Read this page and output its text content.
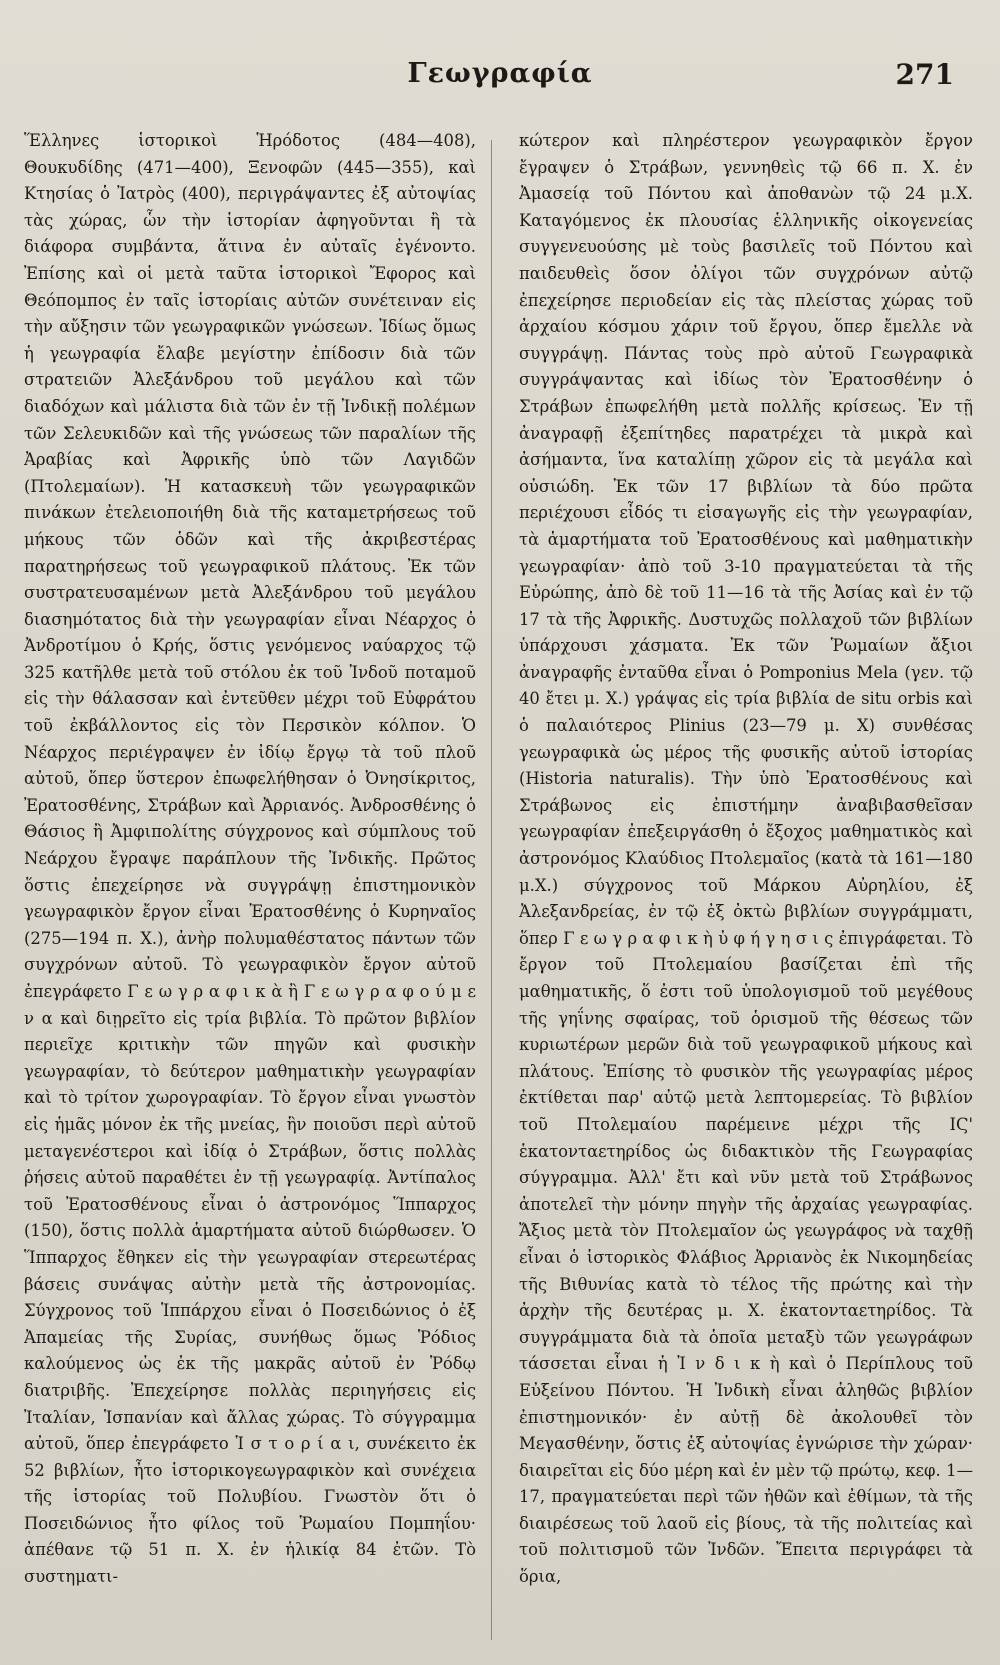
Γεωγραφία	271

Ἕλληνες ἱστορικοὶ Ἡρόδοτος (484—408), Θουκυδίδης (471—400), Ξενοφῶν (445—355), καὶ Κτησίας ὁ Ἰατρὸς (400), περιγράψαντες ἐξ αὐτοψίας τὰς χώρας, ὧν τὴν ἱστορίαν ἀφηγοῦνται ἢ τὰ διάφορα συμβάντα, ἅτινα ἐν αὐταῖς ἐγένοντο. Ἐπίσης καὶ οἱ μετὰ ταῦτα ἱστορικοὶ Ἔφορος καὶ Θεόπομπος ἐν ταῖς ἱστορίαις αὐτῶν συνέτειναν εἰς τὴν αὔξησιν τῶν γεωγραφικῶν γνώσεων. Ἰδίως ὅμως ἡ γεωγραφία ἔλαβε μεγίστην ἐπίδοσιν διὰ τῶν στρατειῶν Ἀλεξάνδρου τοῦ μεγάλου καὶ τῶν διαδόχων καὶ μάλιστα διὰ τῶν ἐν τῇ Ἰνδικῇ πολέμων τῶν Σελευκιδῶν καὶ τῆς γνώσεως τῶν παραλίων τῆς Ἀραβίας καὶ Ἀφρικῆς ὑπὸ τῶν Λαγιδῶν (Πτολεμαίων). Ἡ κατασκευὴ τῶν γεωγραφικῶν πινάκων ἐτελειοποιήθη διὰ τῆς καταμετρήσεως τοῦ μήκους τῶν ὁδῶν καὶ τῆς ἀκριβεστέρας παρατηρήσεως τοῦ γεωγραφικοῦ πλάτους. Ἐκ τῶν συστρατευσαμένων μετὰ Ἀλεξάνδρου τοῦ μεγάλου διασημότατος διὰ τὴν γεωγραφίαν εἶναι Νέαρχος ὁ Ἀνδροτίμου ὁ Κρής, ὅστις γενόμενος ναύαρχος τῷ 325 κατῆλθε μετὰ τοῦ στόλου ἐκ τοῦ Ἰνδοῦ ποταμοῦ εἰς τὴν θάλασσαν καὶ ἐντεῦθεν μέχρι τοῦ Εὐφράτου τοῦ ἐκβάλλοντος εἰς τὸν Περσικὸν κόλπον. Ὁ Νέαρχος περιέγραψεν ἐν ἰδίῳ ἔργῳ τὰ τοῦ πλοῦ αὐτοῦ, ὅπερ ὕστερον ἐπωφελήθησαν ὁ Ὀνησίκριτος, Ἐρατοσθένης, Στράβων καὶ Ἀρριανός. Ἀνδροσθένης ὁ Θάσιος ἢ Ἀμφιπολίτης σύγχρονος καὶ σύμπλους τοῦ Νεάρχου ἔγραψε παράπλουν τῆς Ἰνδικῆς. Πρῶτος ὅστις ἐπεχείρησε νὰ συγγράψῃ ἐπιστημονικὸν γεωγραφικὸν ἔργον εἶναι Ἐρατοσθένης ὁ Κυρηναῖος (275—194 π. Χ.), ἀνὴρ πολυμαθέστατος πάντων τῶν συγχρόνων αὐτοῦ. Τὸ γεωγραφικὸν ἔργον αὐτοῦ ἐπεγράφετο Γ ε ω γ ρ α φ ι κ ὰ ἢ Γ ε ω γ ρ α φ ο ύ μ ε ν α καὶ διῃρεῖτο εἰς τρία βιβλία. Τὸ πρῶτον βιβλίον περιεῖχε κριτικὴν τῶν πηγῶν καὶ φυσικὴν γεωγραφίαν, τὸ δεύτερον μαθηματικὴν γεωγραφίαν καὶ τὸ τρίτον χωρογραφίαν. Τὸ ἔργον εἶναι γνωστὸν εἰς ἡμᾶς μόνον ἐκ τῆς μνείας, ἣν ποιοῦσι περὶ αὐτοῦ μεταγενέστεροι καὶ ἰδίᾳ ὁ Στράβων, ὅστις πολλὰς ῥήσεις αὐτοῦ παραθέτει ἐν τῇ γεωγραφίᾳ. Ἀντίπαλος τοῦ Ἐρατοσθένους εἶναι ὁ ἀστρονόμος Ἵππαρχος (150), ὅστις πολλὰ ἁμαρτήματα αὐτοῦ διώρθωσεν. Ὁ Ἵππαρχος ἔθηκεν εἰς τὴν γεωγραφίαν στερεωτέρας βάσεις συνάψας αὐτὴν μετὰ τῆς ἀστρονομίας. Σύγχρονος τοῦ Ἱππάρχου εἶναι ὁ Ποσειδώνιος ὁ ἐξ Ἀπαμείας τῆς Συρίας, συνήθως ὅμως Ῥόδιος καλούμενος ὡς ἐκ τῆς μακρᾶς αὐτοῦ ἐν Ῥόδῳ διατριβῆς. Ἐπεχείρησε πολλὰς περιηγήσεις εἰς Ἰταλίαν, Ἱσπανίαν καὶ ἄλλας χώρας. Τὸ σύγγραμμα αὐτοῦ, ὅπερ ἐπεγράφετο Ἱ σ τ ο ρ ί α ι, συνέκειτο ἐκ 52 βιβλίων, ἦτο ἱστορικογεωγραφικὸν καὶ συνέχεια τῆς ἱστορίας τοῦ Πολυβίου. Γνωστὸν ὅτι ὁ Ποσειδώνιος ἦτο φίλος τοῦ Ῥωμαίου Πομπηΐου· ἀπέθανε τῷ 51 π. Χ. ἐν ἡλικίᾳ 84 ἐτῶν. Τὸ συστηματι-

κώτερον καὶ πληρέστερον γεωγραφικὸν ἔργον ἔγραψεν ὁ Στράβων, γεννηθεὶς τῷ 66 π. Χ. ἐν Ἀμασείᾳ τοῦ Πόντου καὶ ἀποθανὼν τῷ 24 μ.Χ. Καταγόμενος ἐκ πλουσίας ἑλληνικῆς οἰκογενείας συγγενευούσης μὲ τοὺς βασιλεῖς τοῦ Πόντου καὶ παιδευθεὶς ὅσον ὀλίγοι τῶν συγχρόνων αὐτῷ ἐπεχείρησε περιοδείαν εἰς τὰς πλείστας χώρας τοῦ ἀρχαίου κόσμου χάριν τοῦ ἔργου, ὅπερ ἔμελλε νὰ συγγράψῃ. Πάντας τοὺς πρὸ αὐτοῦ Γεωγραφικὰ συγγράψαντας καὶ ἰδίως τὸν Ἐρατοσθένην ὁ Στράβων ἐπωφελήθη μετὰ πολλῆς κρίσεως. Ἐν τῇ ἀναγραφῇ ἐξεπίτηδες παρατρέχει τὰ μικρὰ καὶ ἀσήμαντα, ἵνα καταλίπῃ χῶρον εἰς τὰ μεγάλα καὶ οὐσιώδη. Ἐκ τῶν 17 βιβλίων τὰ δύο πρῶτα περιέχουσι εἶδός τι εἰσαγωγῆς εἰς τὴν γεωγραφίαν, τὰ ἁμαρτήματα τοῦ Ἐρατοσθένους καὶ μαθηματικὴν γεωγραφίαν· ἀπὸ τοῦ 3-10 πραγματεύεται τὰ τῆς Εὐρώπης, ἀπὸ δὲ τοῦ 11—16 τὰ τῆς Ἀσίας καὶ ἐν τῷ 17 τὰ τῆς Ἀφρικῆς. Δυστυχῶς πολλαχοῦ τῶν βιβλίων ὑπάρχουσι χάσματα. Ἐκ τῶν Ῥωμαίων ἄξιοι ἀναγραφῆς ἐνταῦθα εἶναι ὁ Pomponius Mela (γεν. τῷ 40 ἔτει μ. Χ.) γράψας εἰς τρία βιβλία de situ orbis καὶ ὁ παλαιότερος Plinius (23—79 μ. Χ) συνθέσας γεωγραφικὰ ὡς μέρος τῆς φυσικῆς αὐτοῦ ἱστορίας (Historia naturalis). Τὴν ὑπὸ Ἐρατοσθένους καὶ Στράβωνος εἰς ἐπιστήμην ἀναβιβασθεῖσαν γεωγραφίαν ἐπεξειργάσθη ὁ ἔξοχος μαθηματικὸς καὶ ἀστρονόμος Κλαύδιος Πτολεμαῖος (κατὰ τὰ 161—180 μ.Χ.) σύγχρονος τοῦ Μάρκου Αὐρηλίου, ἐξ Ἀλεξανδρείας, ἐν τῷ ἐξ ὀκτὼ βιβλίων συγγράμματι, ὅπερ Γ ε ω γ ρ α φ ι κ ὴ ὑ φ ή γ η σ ι ς ἐπιγράφεται. Τὸ ἔργον τοῦ Πτολεμαίου βασίζεται ἐπὶ τῆς μαθηματικῆς, ὅ ἐστι τοῦ ὑπολογισμοῦ τοῦ μεγέθους τῆς γηΐνης σφαίρας, τοῦ ὁρισμοῦ τῆς θέσεως τῶν κυριωτέρων μερῶν διὰ τοῦ γεωγραφικοῦ μήκους καὶ πλάτους. Ἐπίσης τὸ φυσικὸν τῆς γεωγραφίας μέρος ἐκτίθεται παρ' αὐτῷ μετὰ λεπτομερείας. Τὸ βιβλίον τοῦ Πτολεμαίου παρέμεινε μέχρι τῆς ΙϚ' ἑκατονταετηρίδος ὡς διδακτικὸν τῆς Γεωγραφίας σύγγραμμα. Ἀλλ' ἔτι καὶ νῦν μετὰ τοῦ Στράβωνος ἀποτελεῖ τὴν μόνην πηγὴν τῆς ἀρχαίας γεωγραφίας. Ἄξιος μετὰ τὸν Πτολεμαῖον ὡς γεωγράφος νὰ ταχθῇ εἶναι ὁ ἱστορικὸς Φλάβιος Ἀρριανὸς ἐκ Νικομηδείας τῆς Βιθυνίας κατὰ τὸ τέλος τῆς πρώτης καὶ τὴν ἀρχὴν τῆς δευτέρας μ. Χ. ἑκατονταετηρίδος. Τὰ συγγράμματα διὰ τὰ ὁποῖα μεταξὺ τῶν γεωγράφων τάσσεται εἶναι ἡ Ἰ ν δ ι κ ὴ καὶ ὁ Περίπλους τοῦ Εὐξείνου Πόντου. Ἡ Ἰνδικὴ εἶναι ἀληθῶς βιβλίον ἐπιστημονικόν· ἐν αὐτῇ δὲ ἀκολουθεῖ τὸν Μεγασθένην, ὅστις ἐξ αὐτοψίας ἐγνώρισε τὴν χώραν· διαιρεῖται εἰς δύο μέρη καὶ ἐν μὲν τῷ πρώτῳ, κεφ. 1—17, πραγματεύεται περὶ τῶν ἠθῶν καὶ ἐθίμων, τὰ τῆς διαιρέσεως τοῦ λαοῦ εἰς βίους, τὰ τῆς πολιτείας καὶ τοῦ πολιτισμοῦ τῶν Ἰνδῶν. Ἔπειτα περιγράφει τὰ ὅρια,
